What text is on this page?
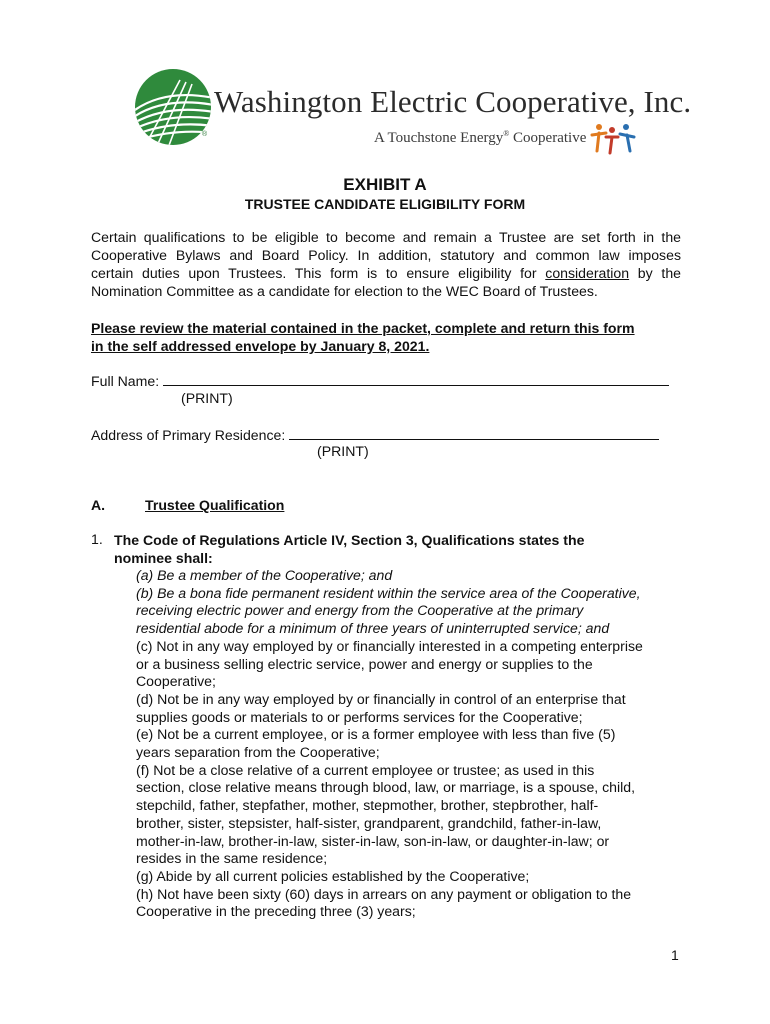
®
Washington Electric Cooperative, Inc.
A Touchstone Energy® Cooperative
EXHIBIT A
TRUSTEE CANDIDATE ELIGIBILITY FORM
Certain qualifications to be eligible to become and remain a Trustee are set forth in the
Cooperative Bylaws and Board Policy. In addition, statutory and common law imposes
certain duties upon Trustees. This form is to ensure eligibility for consideration by the
Nomination Committee as a candidate for election to the WEC Board of Trustees.
Please review the material contained in the packet, complete and return this form
in the self addressed envelope by January 8, 2021.
Full Name:
(PRINT)
Address of Primary Residence:
(PRINT)
A.	Trustee Qualification
1. The Code of Regulations Article IV, Section 3, Qualifications states the
nominee shall:
(a) Be a member of the Cooperative; and
(b) Be a bona fide permanent resident within the service area of the Cooperative,
receiving electric power and energy from the Cooperative at the primary
residential abode for a minimum of three years of uninterrupted service; and
(c) Not in any way employed by or financially interested in a competing enterprise
or a business selling electric service, power and energy or supplies to the
Cooperative;
(d) Not be in any way employed by or financially in control of an enterprise that
supplies goods or materials to or performs services for the Cooperative;
(e) Not be a current employee, or is a former employee with less than five (5)
years separation from the Cooperative;
(f) Not be a close relative of a current employee or trustee; as used in this
section, close relative means through blood, law, or marriage, is a spouse, child,
stepchild, father, stepfather, mother, stepmother, brother, stepbrother, half-
brother, sister, stepsister, half-sister, grandparent, grandchild, father-in-law,
mother-in-law, brother-in-law, sister-in-law, son-in-law, or daughter-in-law; or
resides in the same residence;
(g) Abide by all current policies established by the Cooperative;
(h) Not have been sixty (60) days in arrears on any payment or obligation to the
Cooperative in the preceding three (3) years;
1
